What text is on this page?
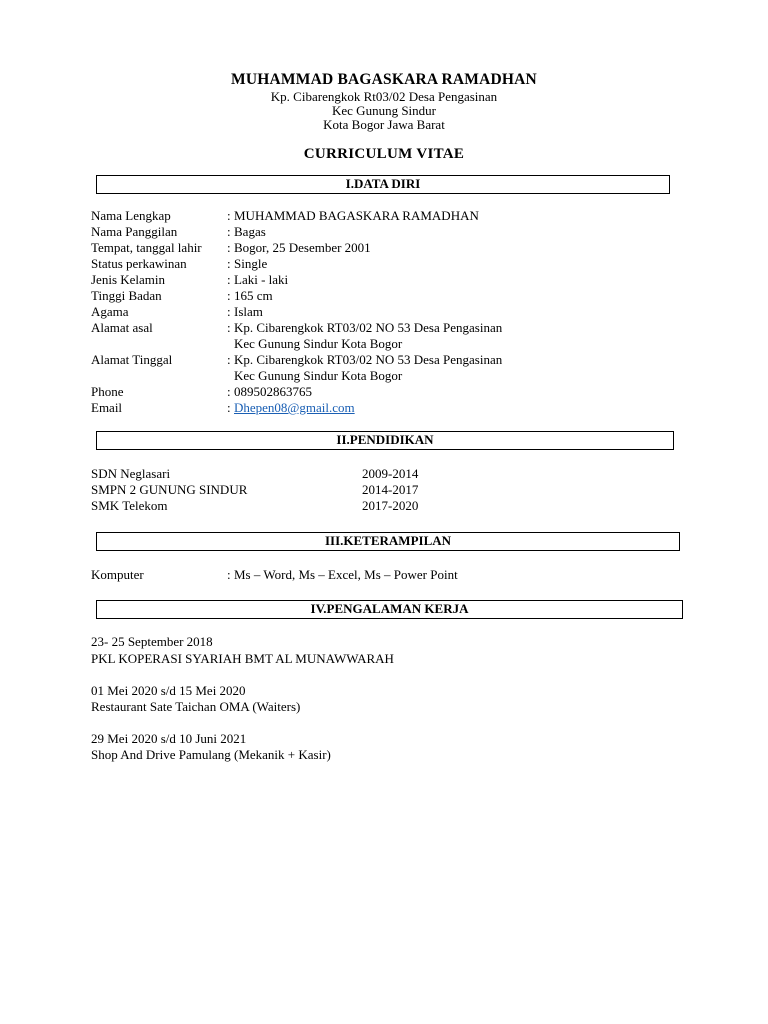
MUHAMMAD BAGASKARA RAMADHAN
Kp. Cibarengkok Rt03/02 Desa Pengasinan
Kec Gunung Sindur
Kota Bogor Jawa Barat
CURRICULUM VITAE
I.DATA DIRI
Nama Lengkap	: MUHAMMAD BAGASKARA RAMADHAN
Nama Panggilan	: Bagas
Tempat, tanggal lahir : Bogor, 25 Desember 2001
Status perkawinan	: Single
Jenis Kelamin	: Laki - laki
Tinggi Badan	: 165 cm
Agama	: Islam
Alamat asal	: Kp. Cibarengkok RT03/02 NO 53 Desa Pengasinan
Kec Gunung Sindur Kota Bogor
Alamat Tinggal	: Kp. Cibarengkok RT03/02 NO 53 Desa Pengasinan
Kec Gunung Sindur Kota Bogor
Phone	: 089502863765
Email	: Dhepen08@gmail.com
II.PENDIDIKAN
SDN Neglasari	2009-2014
SMPN 2 GUNUNG SINDUR	2014-2017
SMK Telekom	2017-2020
III.KETERAMPILAN
Komputer	: Ms – Word, Ms – Excel, Ms – Power Point
IV.PENGALAMAN KERJA
23- 25 September 2018
PKL KOPERASI SYARIAH BMT AL MUNAWWARAH
01 Mei 2020 s/d 15 Mei 2020
Restaurant Sate Taichan OMA (Waiters)
29 Mei 2020 s/d 10 Juni 2021
Shop And Drive Pamulang (Mekanik + Kasir)
